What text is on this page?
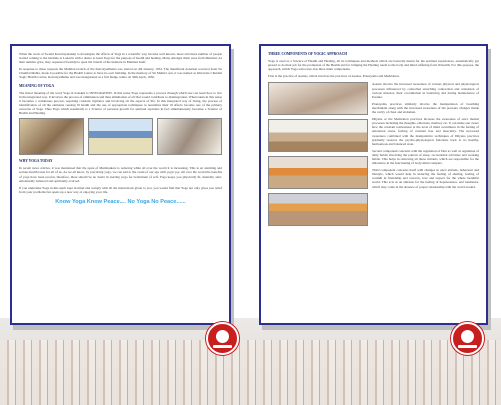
When the work of Swami Kuvalayanandji to investigate the effects of Yoga in a scientific way became well known, more and more number of people started coming to the institute at Lonavla with a desire to learn Yoga for the purpose of health and healing. Many amongst them were from Mumbai. As their number grew, they requested Swamiji to open the branch of the institute in Mumbai itself.

In response to these requests the Mumbai branch of the Kaivalyadhama was started on 4th January, 1932. The munificent donation received from Sir Chunilal Mehta, made it possible for the Health Centre to have its own building. In the memory of Sir Mehta's son, it was named as Ishvardas Chunilal Yogic Health Centre, Kaivalyadhama and was inaugurated as a full fledge centre on 30th April, 1936.

MEANING OF YOGA

The literal meaning of the word Yoga in Sanskrit is INTEGRATION. In this sense Yoga represents a process through which one can learn how to live in the integrated way. It involves the process of elimination and then elimination of all that would contribute to disintegration. When taken in this sense it becomes a continuous process, requiring constant vigilance and involving all the aspects of life. In this integrated way of living, the process of identification of all the elements causing ill health and the use of appropriate techniques to neutralize their ill effects become one of the primary concerns of Yoga. Thus Yoga which essentially is a Science of personal growth for spiritual aspirants in fact simultaneously becomes a Science of Health and Healing.

WHY YOGA TODAY

In recent news articles, it was mentioned that the spate of Mumbaikars is reducing while all over the world it is increasing. This is an alarming and serious health issue for all of us. As we all know, by practicing yoga, we can add to the count of our age with yogic joy. All over the world the benefits of yoga have been proven, therefore, there should be no doubt in starting yoga for betterment of self. Yoga keeps you physically fit, mentally alert, emotionally balanced and spiritually evolved.

If you undertake Yoga in this spirit kept in mind and comply with all the instructions given to you, you would find that Yoga not only gives you relief from your problems but opens up a new way of enjoying your life.

Know Yoga Know Peace.... No Yoga No Peace......
THREE COMPONENTS OF YOGIC APPROACH

Yoga is used as a Science of Health and Healing, all its techniques and methods which are basically meant for the spiritual experiences, automatically get geared to do their job for the promotion of the Health and for bringing the Healing touch to the body and mind suffering from ill health. For this purpose, the approach, which Yoga advocates, has three main components.

First is the practice of Asanas, which involves the practices of Asanas, Pranayama and Meditation.

Asanas involve the increased awareness of various physical and physiological processes influenced by controlled stretching contraction and relaxation of various muscles, their coordination in balancing and during maintenance of Posture.

Pranayama practices similarly involve the manipulation of breathing mechanism along with the increased awareness of the pressure changes inside the cavity of chest and abdomen.

Dhyana or the Meditation practices increase the awareness of one's mental processes including the thoughts, emotions, memory etc. It can make one aware how the constant restlessness at the level of mind contributes in the feeling of emotional stress, feeling of constant fear and insecurity. The increased awareness combined with the manipulative techniques of Dhyana practices gradually restores the psycho-physiological functions back to its healthy, harmonious and balanced state.

Second component concerns with the regulation of Diet as well as regulation of daily habits involving the pattern of sleep, recreational activities and working habits. This helps in removing all those irritants, which are responsible for the imbalance in the functioning of body-mind complex.

Third component concerns itself with changes in one's attitude, behaviour and lifestyle, which would help in inducing the feeling of sharing, feeling of warmth in friendship and concern, love and respect for the whole beautiful world. This acts as an antidote for the feeling of hopelessness, and loneliness, which may come in the absence of proper relationship with the world around.
